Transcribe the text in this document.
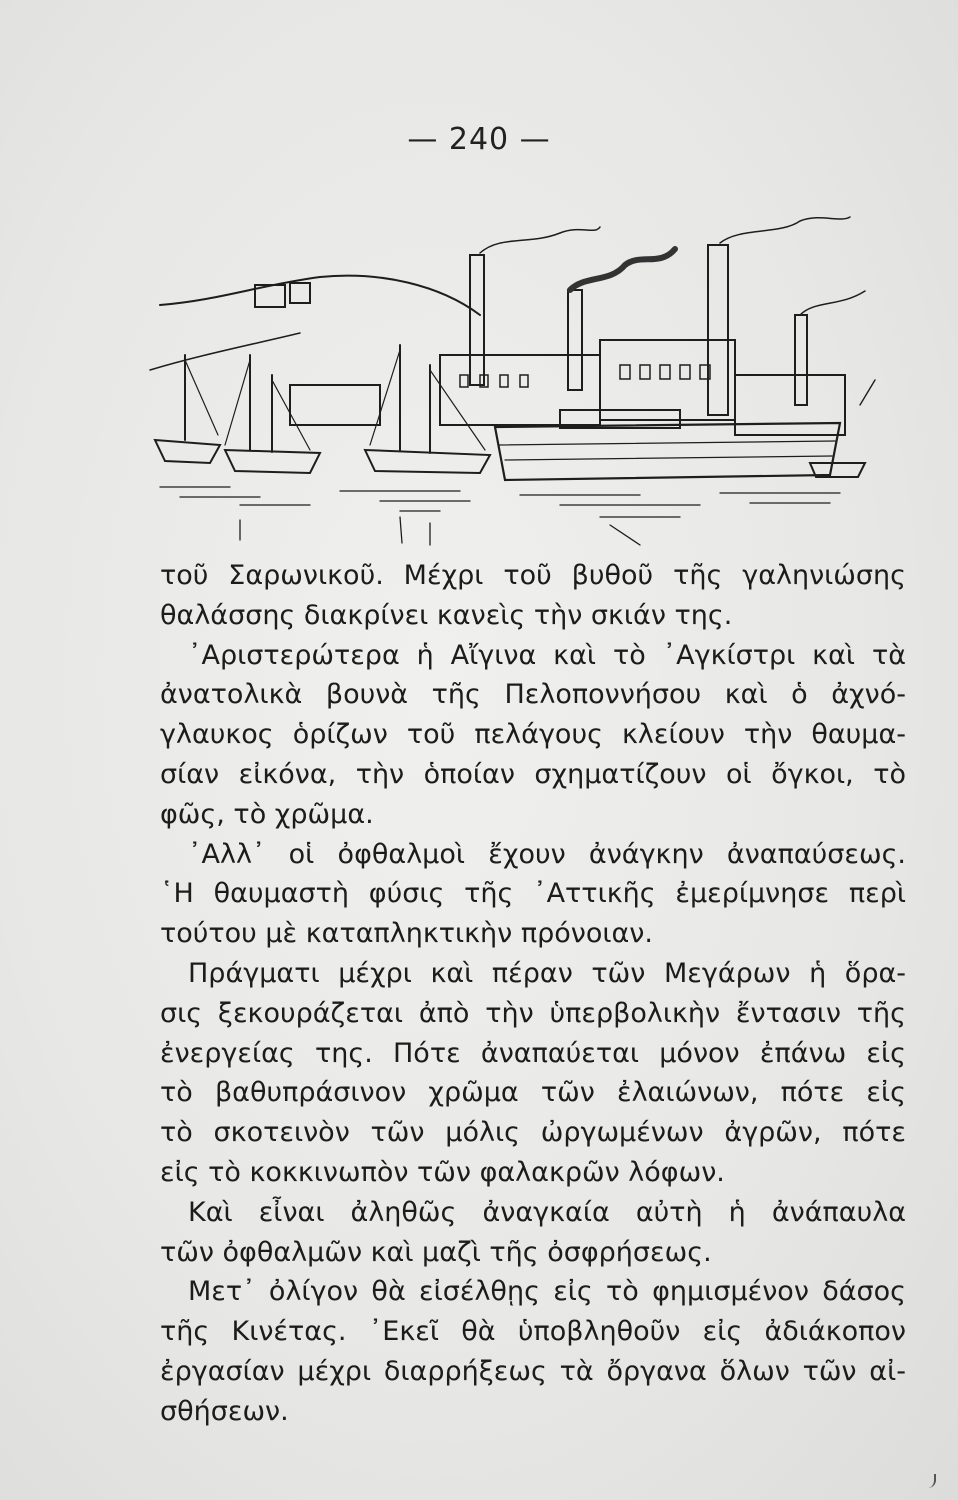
— 240 —
τοῦ Σαρωνικοῦ. Μέχρι τοῦ βυθοῦ τῆς γαληνιώσης
θαλάσσης διακρίνει κανεὶς τὴν σκιάν της.
᾿Αριστερώτερα ἡ Αἴγινα καὶ τὸ ᾿Αγκίστρι καὶ τὰ
ἀνατολικὰ βουνὰ τῆς Πελοποννήσου καὶ ὁ ἀχνό-
γλαυκος ὁρίζων τοῦ πελάγους κλείουν τὴν θαυμα-
σίαν εἰκόνα, τὴν ὁποίαν σχηματίζουν οἱ ὄγκοι, τὸ
φῶς, τὸ χρῶμα.
᾿Αλλ᾿ οἱ ὀφθαλμοὶ ἔχουν ἀνάγκην ἀναπαύσεως.
῾Η θαυμαστὴ φύσις τῆς ᾿Αττικῆς ἐμερίμνησε περὶ
τούτου μὲ καταπληκτικὴν πρόνοιαν.
Πράγματι μέχρι καὶ πέραν τῶν Μεγάρων ἡ ὅρα-
σις ξεκουράζεται ἀπὸ τὴν ὑπερβολικὴν ἔντασιν τῆς
ἐνεργείας της. Πότε ἀναπαύεται μόνον ἐπάνω εἰς
τὸ βαθυπράσινον χρῶμα τῶν ἐλαιώνων, πότε εἰς
τὸ σκοτεινὸν τῶν μόλις ὠργωμένων ἀγρῶν, πότε
εἰς τὸ κοκκινωπὸν τῶν φαλακρῶν λόφων.
Καὶ εἶναι ἀληθῶς ἀναγκαία αὐτὴ ἡ ἀνάπαυλα
τῶν ὀφθαλμῶν καὶ μαζὶ τῆς ὀσφρήσεως.
Μετ᾿ ὀλίγον θὰ εἰσέλθῃς εἰς τὸ φημισμένον δάσος
τῆς Κινέτας. ᾿Εκεῖ θὰ ὑποβληθοῦν εἰς ἀδιάκοπον
ἐργασίαν μέχρι διαρρήξεως τὰ ὄργανα ὅλων τῶν αἰ-
σθήσεων.
